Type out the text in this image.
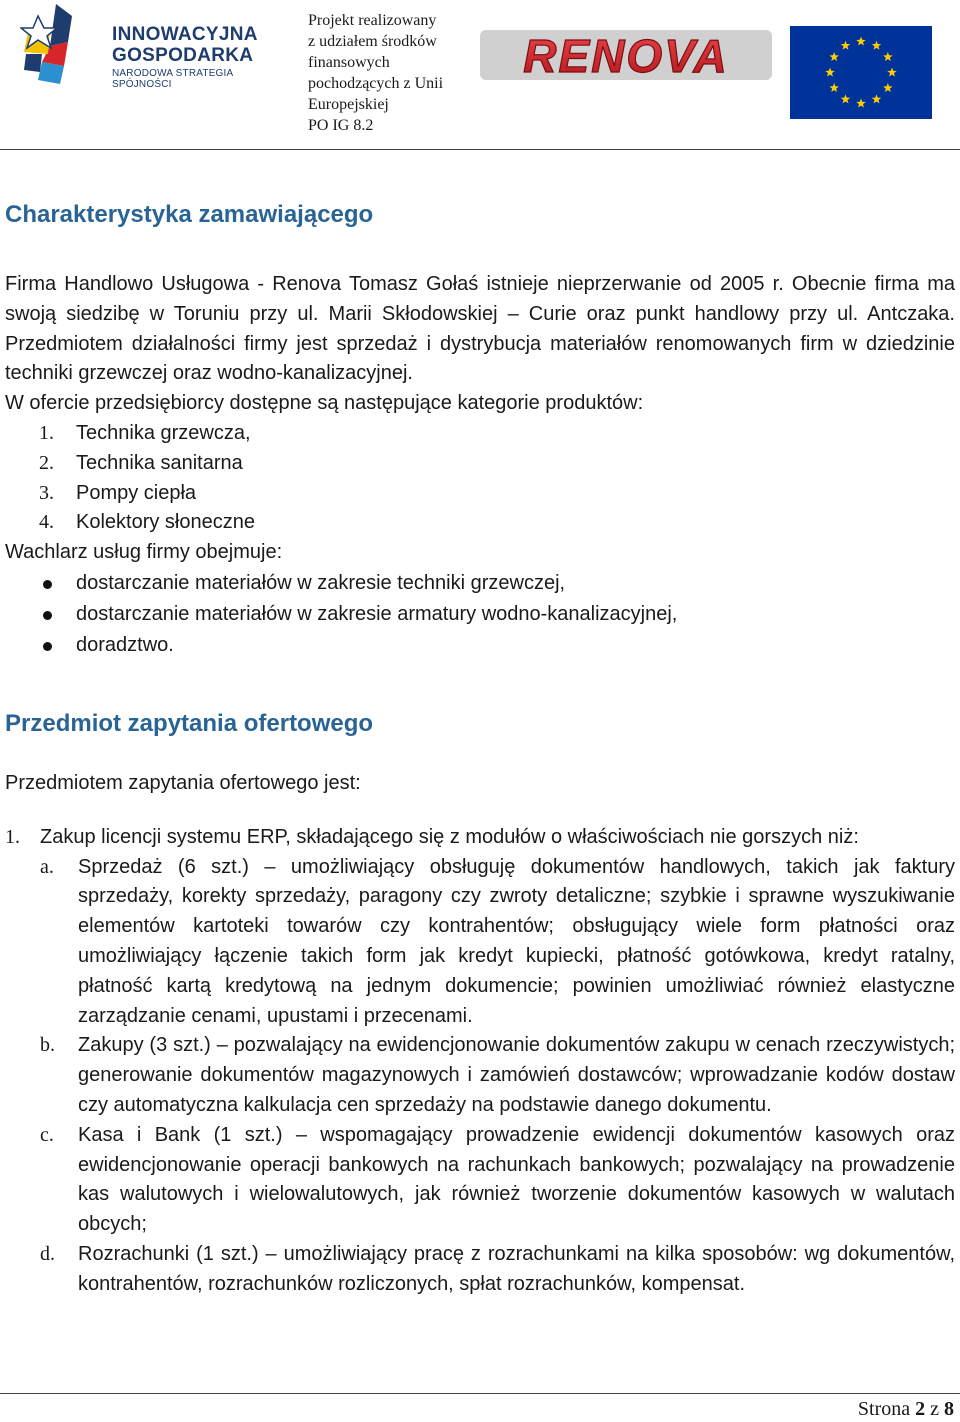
INNOWACYJNA
GOSPODARKA
NARODOWA STRATEGIA SPÓJNOŚCI
Projekt realizowany
z udziałem środków
finansowych
pochodzących z Unii
Europejskiej
PO IG 8.2
RENOVA
Charakterystyka zamawiającego

Firma Handlowo Usługowa - Renova Tomasz Gołaś istnieje nieprzerwanie od 2005 r. Obecnie firma ma swoją siedzibę w Toruniu przy ul. Marii Skłodowskiej – Curie oraz punkt handlowy przy ul. Antczaka. Przedmiotem działalności firmy jest sprzedaż i dystrybucja materiałów renomowanych firm w dziedzinie techniki grzewczej oraz wodno-kanalizacyjnej.

W ofercie przedsiębiorcy dostępne są następujące kategorie produktów:

1. Technika grzewcza,
2. Technika sanitarna
3. Pompy ciepła
4. Kolektory słoneczne

Wachlarz usług firmy obejmuje:

dostarczanie materiałów w zakresie techniki grzewczej,
dostarczanie materiałów w zakresie armatury wodno-kanalizacyjnej,
doradztwo.
Przedmiot zapytania ofertowego

Przedmiotem zapytania ofertowego jest:

1. Zakup licencji systemu ERP, składającego się z modułów o właściwościach nie gorszych niż:
a. Sprzedaż (6 szt.) – umożliwiający obsługuję dokumentów handlowych, takich jak faktury sprzedaży, korekty sprzedaży, paragony czy zwroty detaliczne; szybkie i sprawne wyszukiwanie elementów kartoteki towarów czy kontrahentów; obsługujący wiele form płatności oraz umożliwiający łączenie takich form jak kredyt kupiecki, płatność gotówkowa, kredyt ratalny, płatność kartą kredytową na jednym dokumencie; powinien umożliwiać również elastyczne zarządzanie cenami, upustami i przecenami.
b. Zakupy (3 szt.) – pozwalający na ewidencjonowanie dokumentów zakupu w cenach rzeczywistych; generowanie dokumentów magazynowych i zamówień dostawców; wprowadzanie kodów dostaw czy automatyczna kalkulacja cen sprzedaży na podstawie danego dokumentu.
c. Kasa i Bank (1 szt.) – wspomagający prowadzenie ewidencji dokumentów kasowych oraz ewidencjonowanie operacji bankowych na rachunkach bankowych; pozwalający na prowadzenie kas walutowych i wielowalutowych, jak również tworzenie dokumentów kasowych w walutach obcych;
d. Rozrachunki (1 szt.) – umożliwiający pracę z rozrachunkami na kilka sposobów: wg dokumentów, kontrahentów, rozrachunków rozliczonych, spłat rozrachunków, kompensat.
Strona 2 z 8
